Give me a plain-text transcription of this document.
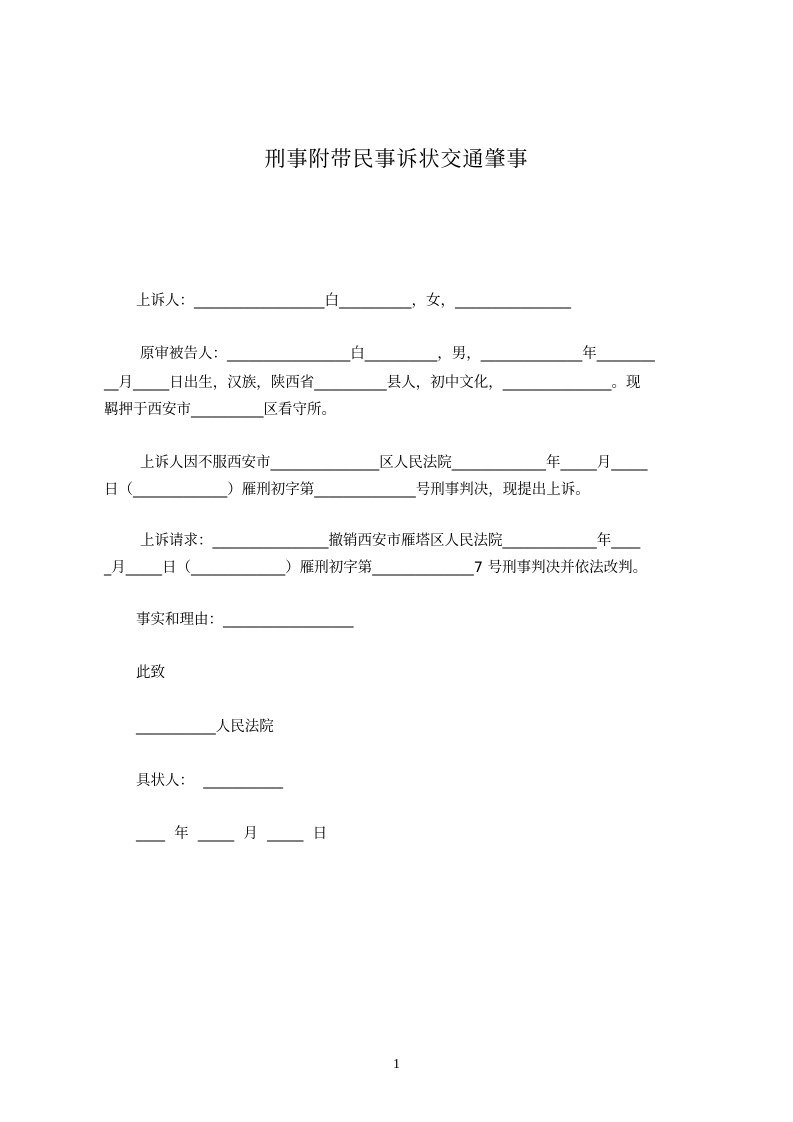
刑事附带民事诉状交通肇事
上诉人：__________________白__________，女，________________
原审被告人：_________________白__________，男，______________年________
__月_____日出生，汉族，陕西省__________县人，初中文化，_______________。现
羁押于西安市__________区看守所。
上诉人因不服西安市_______________区人民法院_____________年_____月_____
日（_____________）雁刑初字第______________号刑事判决，现提出上诉。
上诉请求：________________撤销西安市雁塔区人民法院_____________年____
_月_____日（_____________）雁刑初字第______________7 号刑事判决并依法改判。
事实和理由：__________________
此致
___________人民法院
具状人：  ___________
____  年  _____  月  _____  日
1
